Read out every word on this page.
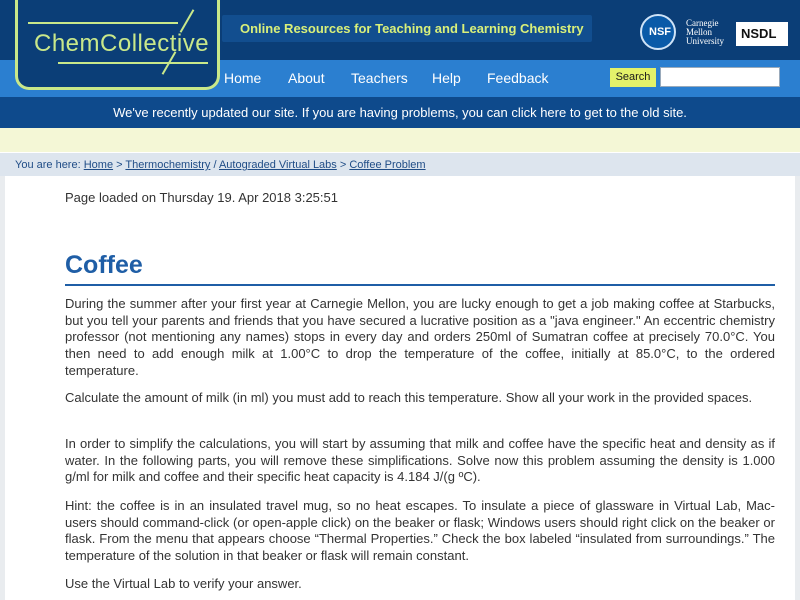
ChemCollective
Online Resources for Teaching and Learning Chemistry	NSF
Carnegie
Mellon
University NSDL
Home About Teachers Help Feedback	Search
We've recently updated our site. If you are having problems, you can click here to get to the old site.
You are here: Home > Thermochemistry / Autograded Virtual Labs > Coffee Problem
Page loaded on Thursday 19. Apr 2018 3:25:51
Coffee
During the summer after your first year at Carnegie Mellon, you are lucky enough to get a job making coffee at Starbucks, but you tell your parents and friends that you have secured a lucrative position as a "java engineer." An eccentric chemistry professor (not mentioning any names) stops in every day and orders 250ml of Sumatran coffee at precisely 70.0°C. You then need to add enough milk at 1.00°C to drop the temperature of the coffee, initially at 85.0°C, to the ordered temperature.
Calculate the amount of milk (in ml) you must add to reach this temperature. Show all your work in the provided spaces.
In order to simplify the calculations, you will start by assuming that milk and coffee have the specific heat and density as if water. In the following parts, you will remove these simplifications. Solve now this problem assuming the density is 1.000 g/ml for milk and coffee and their specific heat capacity is 4.184 J/(g ºC).
Hint: the coffee is in an insulated travel mug, so no heat escapes. To insulate a piece of glassware in Virtual Lab, Mac-users should command-click (or open-apple click) on the beaker or flask; Windows users should right click on the beaker or flask. From the menu that appears choose “Thermal Properties.” Check the box labeled “insulated from surroundings.” The temperature of the solution in that beaker or flask will remain constant.
Use the Virtual Lab to verify your answer.
